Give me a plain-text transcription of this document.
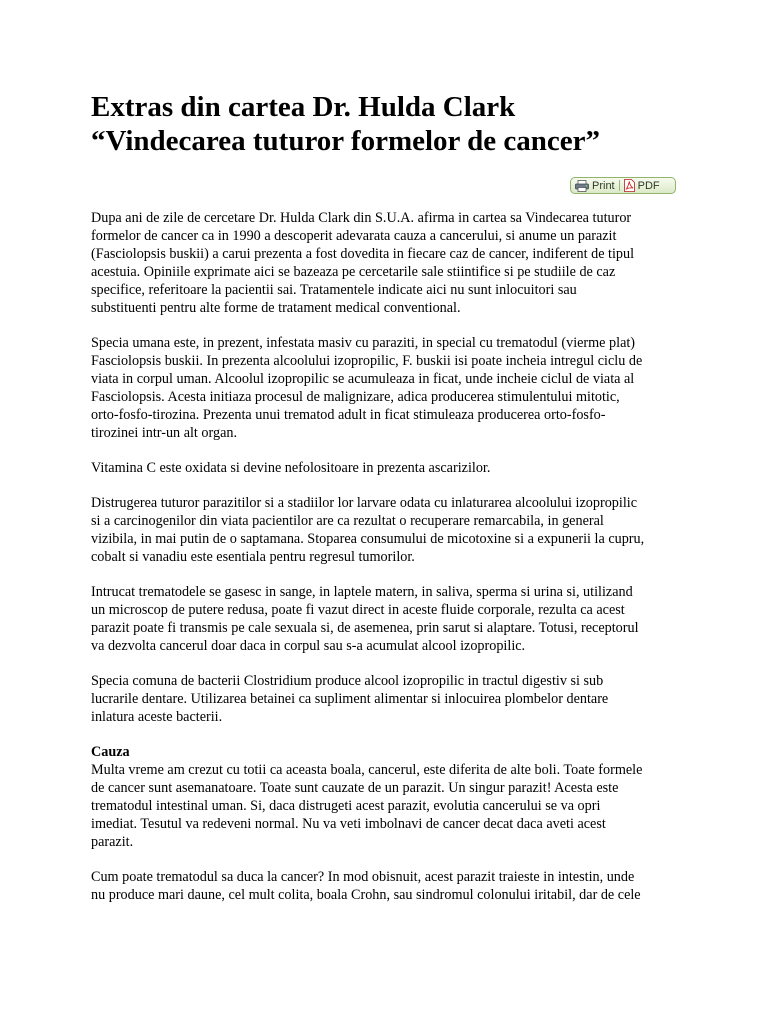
Extras din cartea Dr. Hulda Clark
“Vindecarea tuturor formelor de cancer”
Print PDF

Dupa ani de zile de cercetare Dr. Hulda Clark din S.U.A. afirma in cartea sa Vindecarea tuturor
formelor de cancer ca in 1990 a descoperit adevarata cauza a cancerului, si anume un parazit
(Fasciolopsis buskii) a carui prezenta a fost dovedita in fiecare caz de cancer, indiferent de tipul
acestuia. Opiniile exprimate aici se bazeaza pe cercetarile sale stiintifice si pe studiile de caz
specifice, referitoare la pacientii sai. Tratamentele indicate aici nu sunt inlocuitori sau
substituenti pentru alte forme de tratament medical conventional.

Specia umana este, in prezent, infestata masiv cu paraziti, in special cu trematodul (vierme plat)
Fasciolopsis buskii. In prezenta alcoolului izopropilic, F. buskii isi poate incheia intregul ciclu de
viata in corpul uman. Alcoolul izopropilic se acumuleaza in ficat, unde incheie ciclul de viata al
Fasciolopsis. Acesta initiaza procesul de malignizare, adica producerea stimulentului mitotic,
orto-fosfo-tirozina. Prezenta unui trematod adult in ficat stimuleaza producerea orto-fosfo-
tirozinei intr-un alt organ.

Vitamina C este oxidata si devine nefolositoare in prezenta ascarizilor.

Distrugerea tuturor parazitilor si a stadiilor lor larvare odata cu inlaturarea alcoolului izopropilic
si a carcinogenilor din viata pacientilor are ca rezultat o recuperare remarcabila, in general
vizibila, in mai putin de o saptamana. Stoparea consumului de micotoxine si a expunerii la cupru,
cobalt si vanadiu este esentiala pentru regresul tumorilor.

Intrucat trematodele se gasesc in sange, in laptele matern, in saliva, sperma si urina si, utilizand
un microscop de putere redusa, poate fi vazut direct in aceste fluide corporale, rezulta ca acest
parazit poate fi transmis pe cale sexuala si, de asemenea, prin sarut si alaptare. Totusi, receptorul
va dezvolta cancerul doar daca in corpul sau s-a acumulat alcool izopropilic.

Specia comuna de bacterii Clostridium produce alcool izopropilic in tractul digestiv si sub
lucrarile dentare. Utilizarea betainei ca supliment alimentar si inlocuirea plombelor dentare
inlatura aceste bacterii.

Cauza
Multa vreme am crezut cu totii ca aceasta boala, cancerul, este diferita de alte boli. Toate formele
de cancer sunt asemanatoare. Toate sunt cauzate de un parazit. Un singur parazit! Acesta este
trematodul intestinal uman. Si, daca distrugeti acest parazit, evolutia cancerului se va opri
imediat. Tesutul va redeveni normal. Nu va veti imbolnavi de cancer decat daca aveti acest
parazit.

Cum poate trematodul sa duca la cancer? In mod obisnuit, acest parazit traieste in intestin, unde
nu produce mari daune, cel mult colita, boala Crohn, sau sindromul colonului iritabil, dar de cele
